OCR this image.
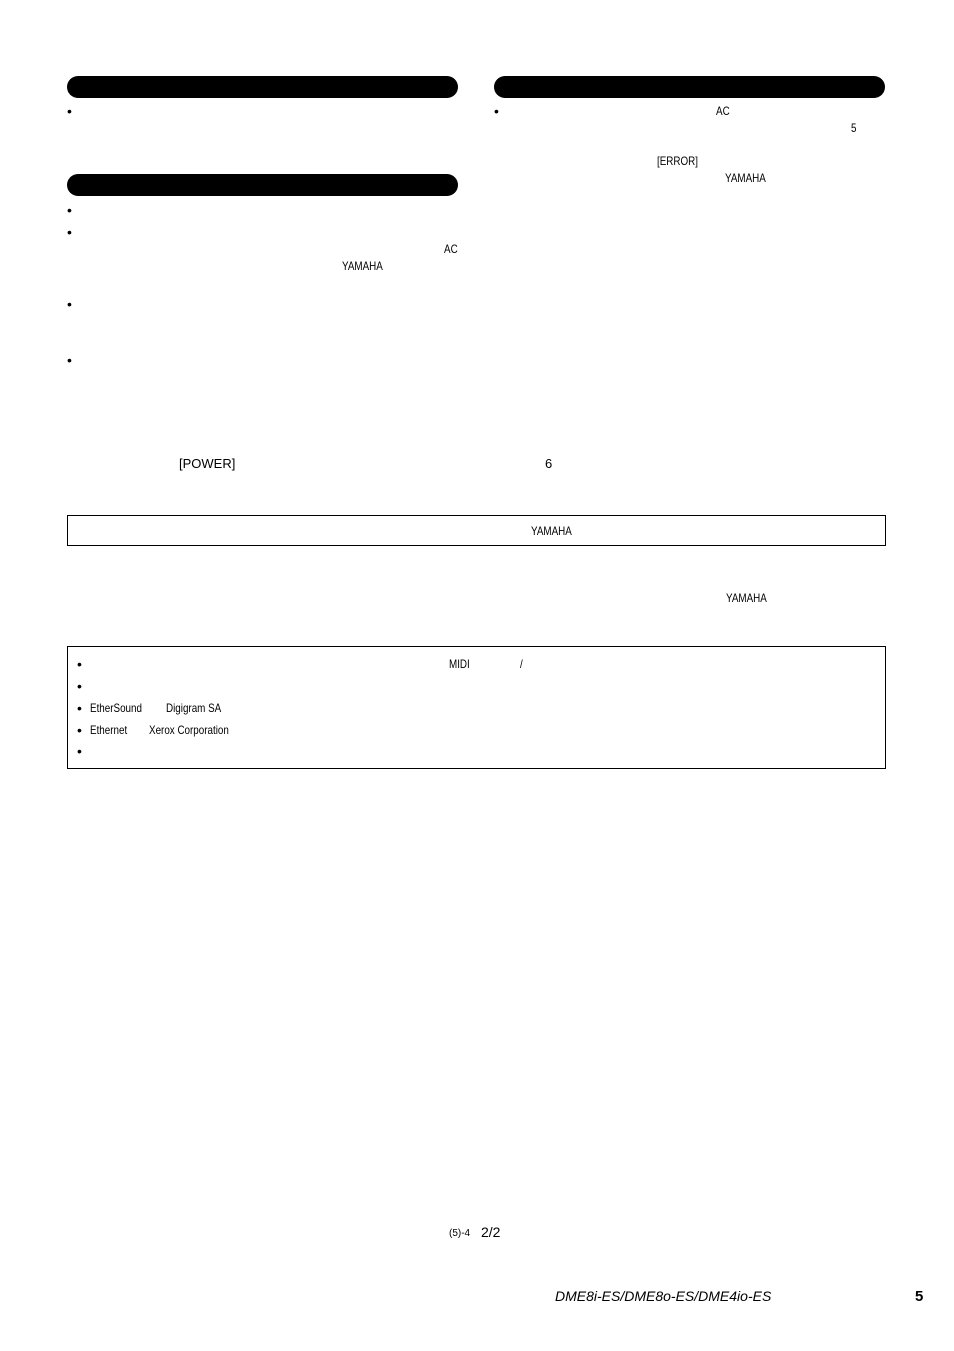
•
•
•
AC
YAMAHA
•
•
[POWER]	6
•	AC
5
[ERROR]
YAMAHA
YAMAHA
YAMAHA
•	MIDI	/
•
• EtherSound Digigram SA
• Ethernet Xerox Corporation
•
(5)-4 2/2
DME8i-ES/DME8o-ES/DME4io-ES	5
